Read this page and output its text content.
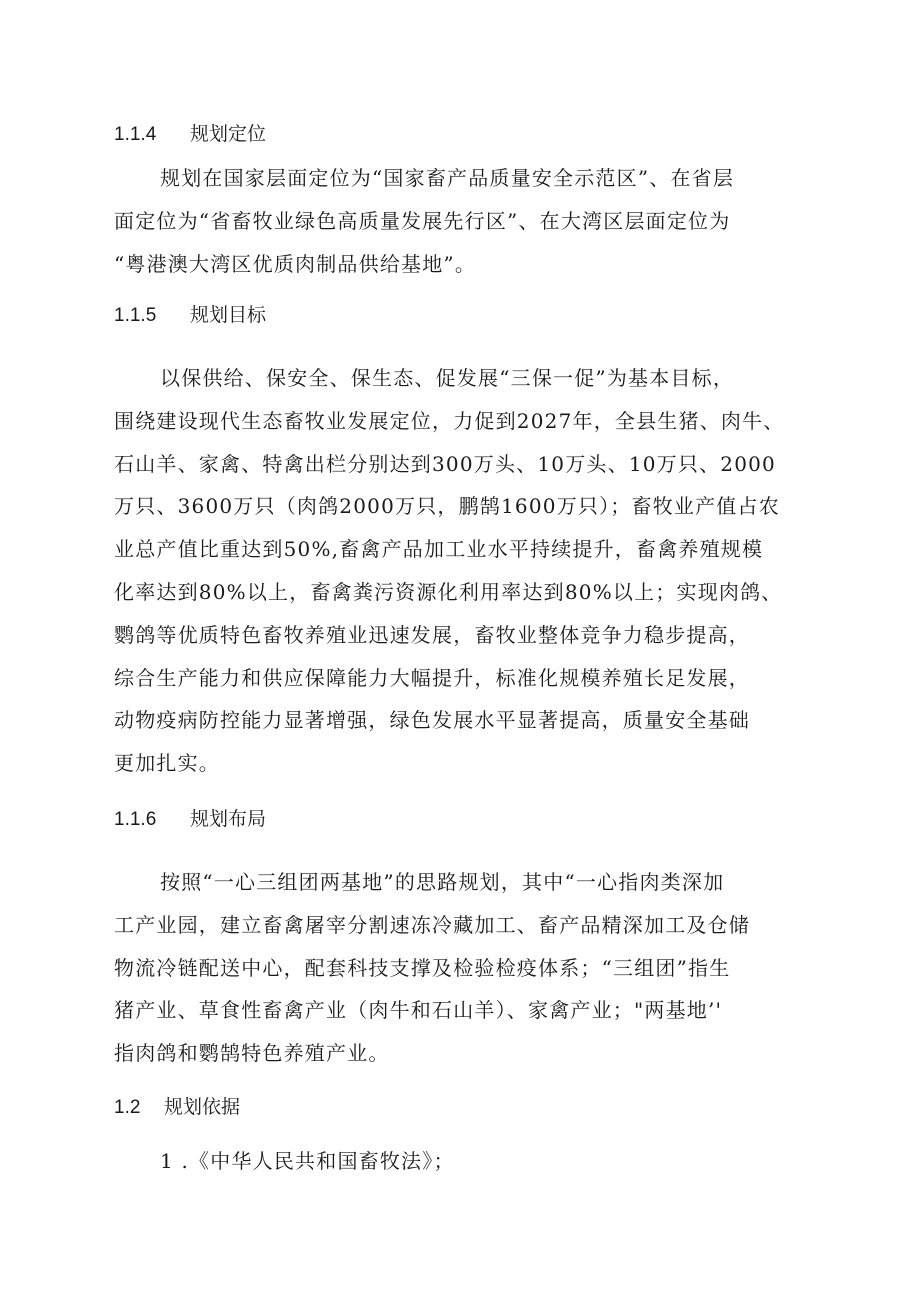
1.1.4 规划定位
规划在国家层面定位为“国家畜产品质量安全示范区”、在省层
面定位为“省畜牧业绿色高质量发展先行区”、在大湾区层面定位为
“粤港澳大湾区优质肉制品供给基地”。
1.1.5 规划目标
以保供给、保安全、保生态、促发展“三保一促”为基本目标，
围绕建设现代生态畜牧业发展定位，力促到2027年，全县生猪、肉牛、
石山羊、家禽、特禽出栏分别达到300万头、10万头、10万只、2000
万只、3600万只（肉鸽2000万只，鹏鹄1600万只）；畜牧业产值占农
业总产值比重达到50%,畜禽产品加工业水平持续提升，畜禽养殖规模
化率达到80%以上，畜禽粪污资源化利用率达到80%以上；实现肉鸽、
鹦鸽等优质特色畜牧养殖业迅速发展，畜牧业整体竞争力稳步提高，
综合生产能力和供应保障能力大幅提升，标准化规模养殖长足发展，
动物疫病防控能力显著增强，绿色发展水平显著提高，质量安全基础
更加扎实。
1.1.6 规划布局
按照“一心三组团两基地”的思路规划，其中“一心指肉类深加
工产业园，建立畜禽屠宰分割速冻冷藏加工、畜产品精深加工及仓储
物流冷链配送中心，配套科技支撑及检验检疫体系；“三组团”指生
猪产业、草食性畜禽产业（肉牛和石山羊）、家禽产业；"两基地’'
指肉鸽和鹦鹄特色养殖产业。
1.2 规划依据
1 .《中华人民共和国畜牧法》；
